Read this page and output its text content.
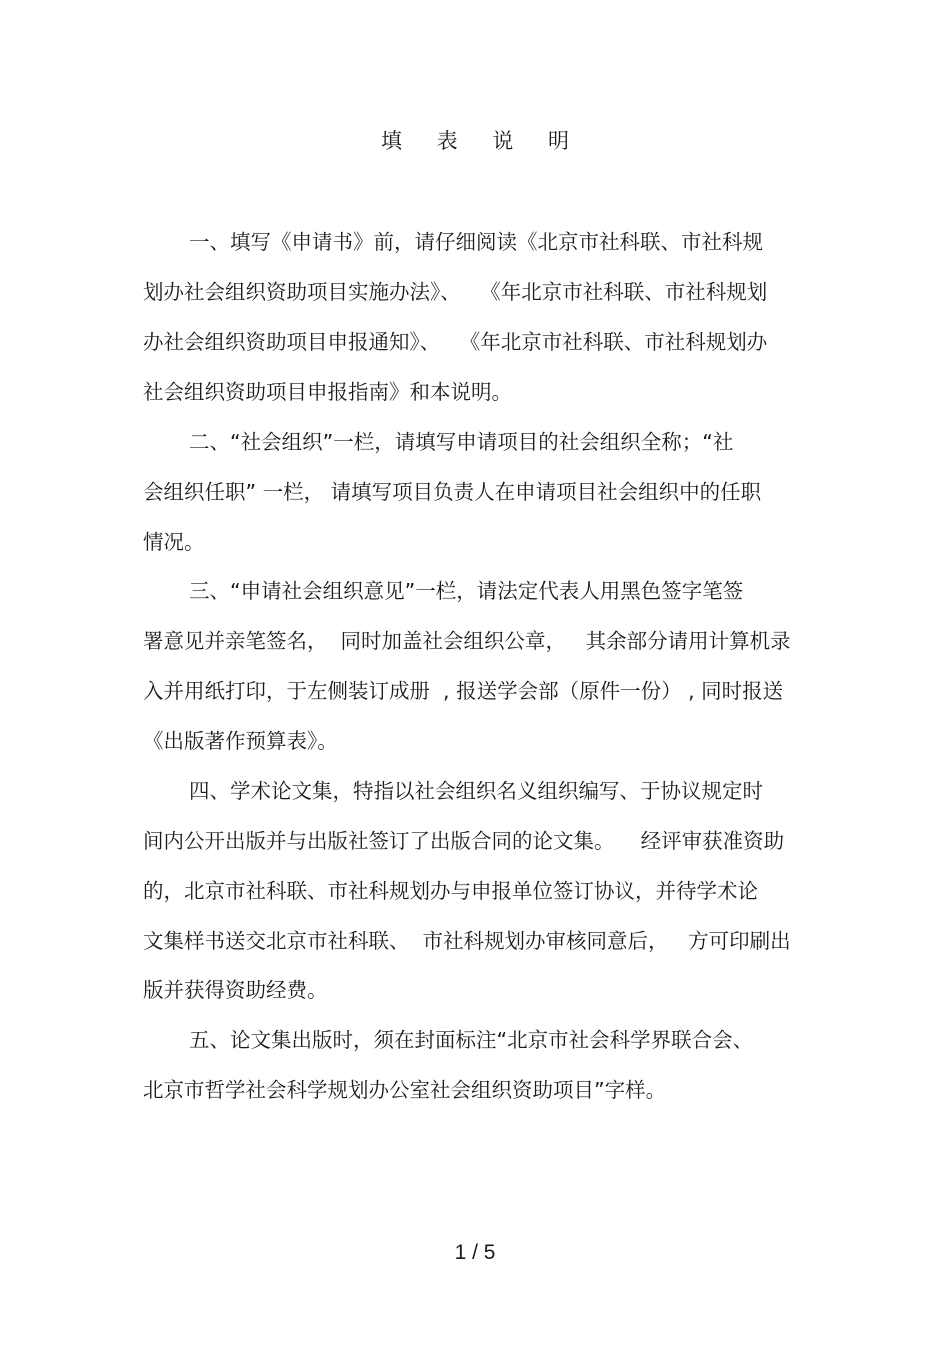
填 表 说 明
一、填写《申请书》前，请仔细阅读《北京市社科联、市社科规
划办社会组织资助项目实施办法》、   《年北京市社科联、市社科规划
办社会组织资助项目申报通知》、   《年北京市社科联、市社科规划办
社会组织资助项目申报指南》和本说明。
二、“社会组织”一栏，请填写申请项目的社会组织全称；“社
会组织任职” 一栏， 请填写项目负责人在申请项目社会组织中的任职
情况。
三、“申请社会组织意见”一栏，请法定代表人用黑色签字笔签
署意见并亲笔签名，  同时加盖社会组织公章，   其余部分请用计算机录
入并用纸打印，于左侧装订成册  , 报送学会部（原件一份） , 同时报送
《出版著作预算表》。
四、学术论文集，特指以社会组织名义组织编写、于协议规定时
间内公开出版并与出版社签订了出版合同的论文集。    经评审获准资助
的，北京市社科联、市社科规划办与申报单位签订协议，并待学术论
文集样书送交北京市社科联、  市社科规划办审核同意后，   方可印刷出
版并获得资助经费。
五、论文集出版时，须在封面标注“北京市社会科学界联合会、
北京市哲学社会科学规划办公室社会组织资助项目”字样。
1 / 5
